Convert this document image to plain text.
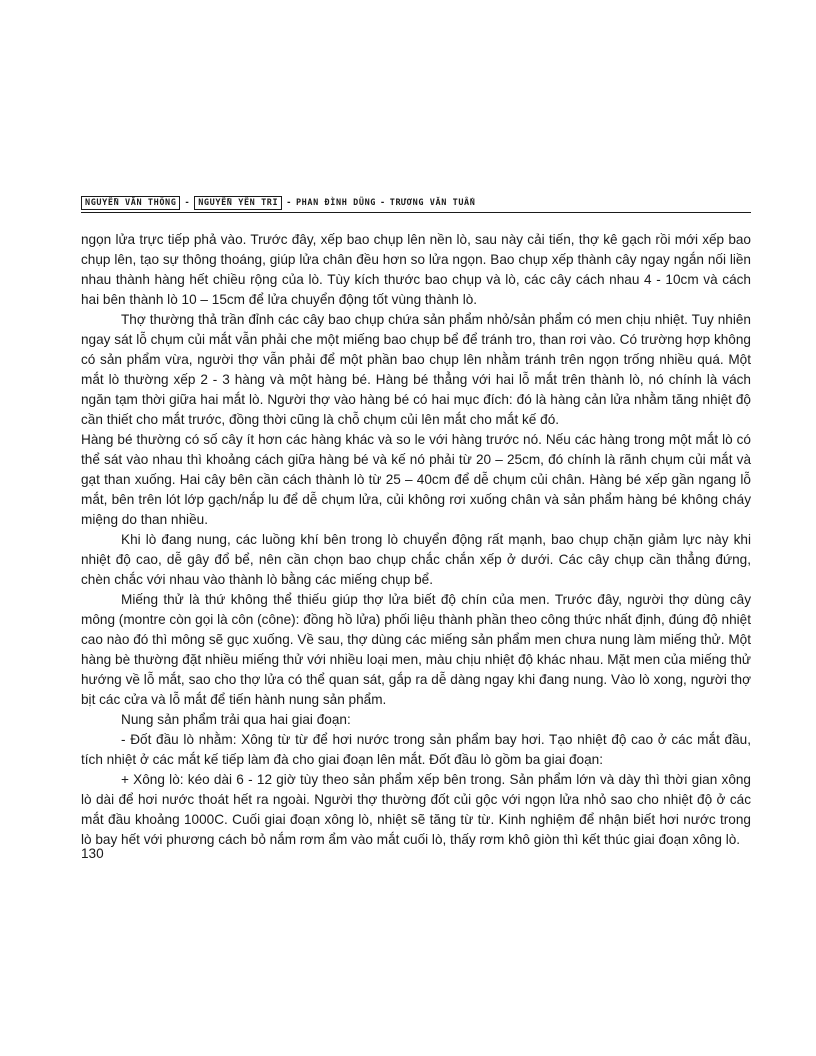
NGUYỄN VĂN THÔNG - NGUYỄN YÊN TRI - PHAN ĐÌNH DŨNG - TRƯƠNG VĂN TUẤN

ngọn lửa trực tiếp phả vào. Trước đây, xếp bao chụp lên nền lò, sau này cải tiến, thợ kê gạch rồi mới xếp bao chụp lên, tạo sự thông thoáng, giúp lửa chân đều hơn so lửa ngọn. Bao chụp xếp thành cây ngay ngắn nối liền nhau thành hàng hết chiều rộng của lò. Tùy kích thước bao chụp và lò, các cây cách nhau 4 - 10cm và cách hai bên thành lò 10 – 15cm để lửa chuyển động tốt vùng thành lò.

Thợ thường thả trần đỉnh các cây bao chụp chứa sản phẩm nhỏ/sản phẩm có men chịu nhiệt. Tuy nhiên ngay sát lỗ chụm củi mắt vẫn phải che một miếng bao chụp bể để tránh tro, than rơi vào. Có trường hợp không có sản phẩm vừa, người thợ vẫn phải để một phần bao chụp lên nhằm tránh trên ngọn trống nhiều quá. Một mắt lò thường xếp 2 - 3 hàng và một hàng bé. Hàng bé thẳng với hai lỗ mắt trên thành lò, nó chính là vách ngăn tạm thời giữa hai mắt lò. Người thợ vào hàng bé có hai mục đích: đó là hàng cản lửa nhằm tăng nhiệt độ cần thiết cho mắt trước, đồng thời cũng là chỗ chụm củi lên mắt cho mắt kế đó.

Hàng bé thường có số cây ít hơn các hàng khác và so le với hàng trước nó. Nếu các hàng trong một mắt lò có thể sát vào nhau thì khoảng cách giữa hàng bé và kế nó phải từ 20 – 25cm, đó chính là rãnh chụm củi mắt và gạt than xuống. Hai cây bên cần cách thành lò từ 25 – 40cm để dễ chụm củi chân. Hàng bé xếp gần ngang lỗ mắt, bên trên lót lớp gạch/nắp lu để dễ chụm lửa, củi không rơi xuống chân và sản phẩm hàng bé không cháy miệng do than nhiều.

Khi lò đang nung, các luồng khí bên trong lò chuyển động rất mạnh, bao chụp chặn giảm lực này khi nhiệt độ cao, dễ gây đổ bể, nên cần chọn bao chụp chắc chắn xếp ở dưới. Các cây chụp cần thẳng đứng, chèn chắc với nhau vào thành lò bằng các miếng chụp bể.

Miếng thử là thứ không thể thiếu giúp thợ lửa biết độ chín của men. Trước đây, người thợ dùng cây mông (montre còn gọi là côn (cône): đồng hồ lửa) phối liệu thành phần theo công thức nhất định, đúng độ nhiệt cao nào đó thì mông sẽ gục xuống. Về sau, thợ dùng các miếng sản phẩm men chưa nung làm miếng thử. Một hàng bè thường đặt nhiều miếng thử với nhiều loại men, màu chịu nhiệt độ khác nhau. Mặt men của miếng thử hướng về lỗ mắt, sao cho thợ lửa có thể quan sát, gắp ra dễ dàng ngay khi đang nung. Vào lò xong, người thợ bịt các cửa và lỗ mắt để tiến hành nung sản phẩm.

Nung sản phẩm trải qua hai giai đoạn:

- Đốt đầu lò nhằm: Xông từ từ để hơi nước trong sản phẩm bay hơi. Tạo nhiệt độ cao ở các mắt đầu, tích nhiệt ở các mắt kế tiếp làm đà cho giai đoạn lên mắt. Đốt đầu lò gồm ba giai đoạn:

+ Xông lò: kéo dài 6 - 12 giờ tùy theo sản phẩm xếp bên trong. Sản phẩm lớn và dày thì thời gian xông lò dài để hơi nước thoát hết ra ngoài. Người thợ thường đốt củi gộc với ngọn lửa nhỏ sao cho nhiệt độ ở các mắt đầu khoảng 1000C. Cuối giai đoạn xông lò, nhiệt sẽ tăng từ từ. Kinh nghiệm để nhận biết hơi nước trong lò bay hết với phương cách bỏ nắm rơm ẩm vào mắt cuối lò, thấy rơm khô giòn thì kết thúc giai đoạn xông lò.

130
